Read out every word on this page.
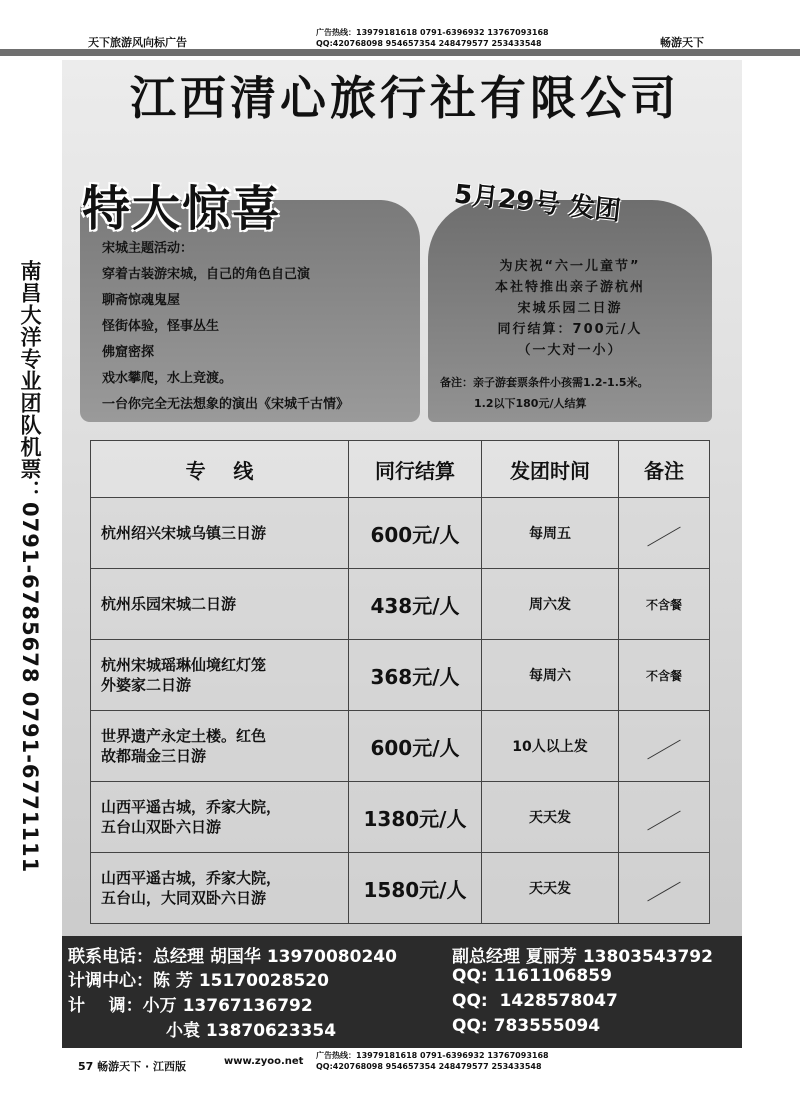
天下旅游风向标广告
广告热线：13979181618 0791-6396932 13767093168
QQ:420768098 954657354 248479577 253433548	畅游天下
南昌大洋专业团队机票：0791-6785678 0791-6771111
江西清心旅行社有限公司
特大惊喜	5月29号 发团
宋城主题活动：
穿着古装游宋城，自己的角色自己演
聊斋惊魂鬼屋
怪街体验，怪事丛生
佛窟密探
戏水攀爬，水上竞渡。
一台你完全无法想象的演出《宋城千古情》
为庆祝“六一儿童节”
本社特推出亲子游杭州
宋城乐园二日游
同行结算：700元/人
（一大对一小）
备注：亲子游套票条件小孩需1.2-1.5米。
1.2以下180元/人结算
专    线	同行结算	发团时间	备注
杭州绍兴宋城乌镇三日游	600元/人	每周五	
杭州乐园宋城二日游	438元/人	周六发	不含餐
杭州宋城瑶琳仙境红灯笼
外婆家二日游	368元/人	每周六	不含餐
世界遗产永定土楼。红色
故都瑞金三日游	600元/人	10人以上发	
山西平遥古城，乔家大院，
五台山双卧六日游	1380元/人	天天发	
山西平遥古城，乔家大院，
五台山，大同双卧六日游	1580元/人	天天发	
联系电话：总经理 胡国华 13970080240	副总经理 夏丽芳 13803543792
计调中心：陈 芳 15170028520	QQ: 1161106859
计    调：小万 13767136792	QQ:  1428578047
小袁 13870623354	QQ: 783555094
57 畅游天下 · 江西版	www.zyoo.net
广告热线：13979181618 0791-6396932 13767093168
QQ:420768098 954657354 248479577 253433548
